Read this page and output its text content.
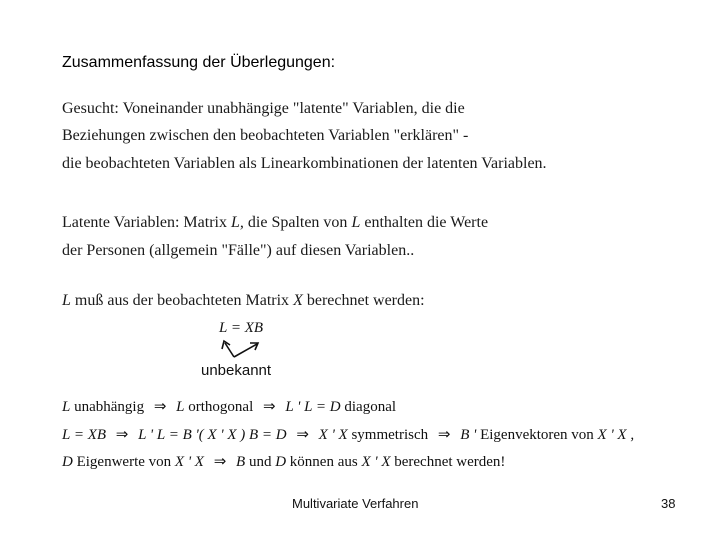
Zusammenfassung der Überlegungen:
Gesucht: Voneinander unabhängige "latente" Variablen, die die
Beziehungen zwischen den beobachteten Variablen "erklären" -
die beobachteten Variablen als Linearkombinationen der latenten Variablen.
Latente Variablen: Matrix L, die Spalten von L enthalten die Werte
der Personen (allgemein "Fälle") auf diesen Variablen..
L muß aus der beobachteten Matrix X berechnet werden:
L = XB
unbekannt
L unabhängig ⇒ L orthogonal ⇒ L ' L = D diagonal
L = XB ⇒ L ' L = B '( X ' X ) B = D ⇒ X ' X symmetrisch ⇒ B ' Eigenvektoren von X ' X ,
D Eigenwerte von X ' X ⇒ B und D können aus X ' X berechnet werden!
Multivariate Verfahren	38
